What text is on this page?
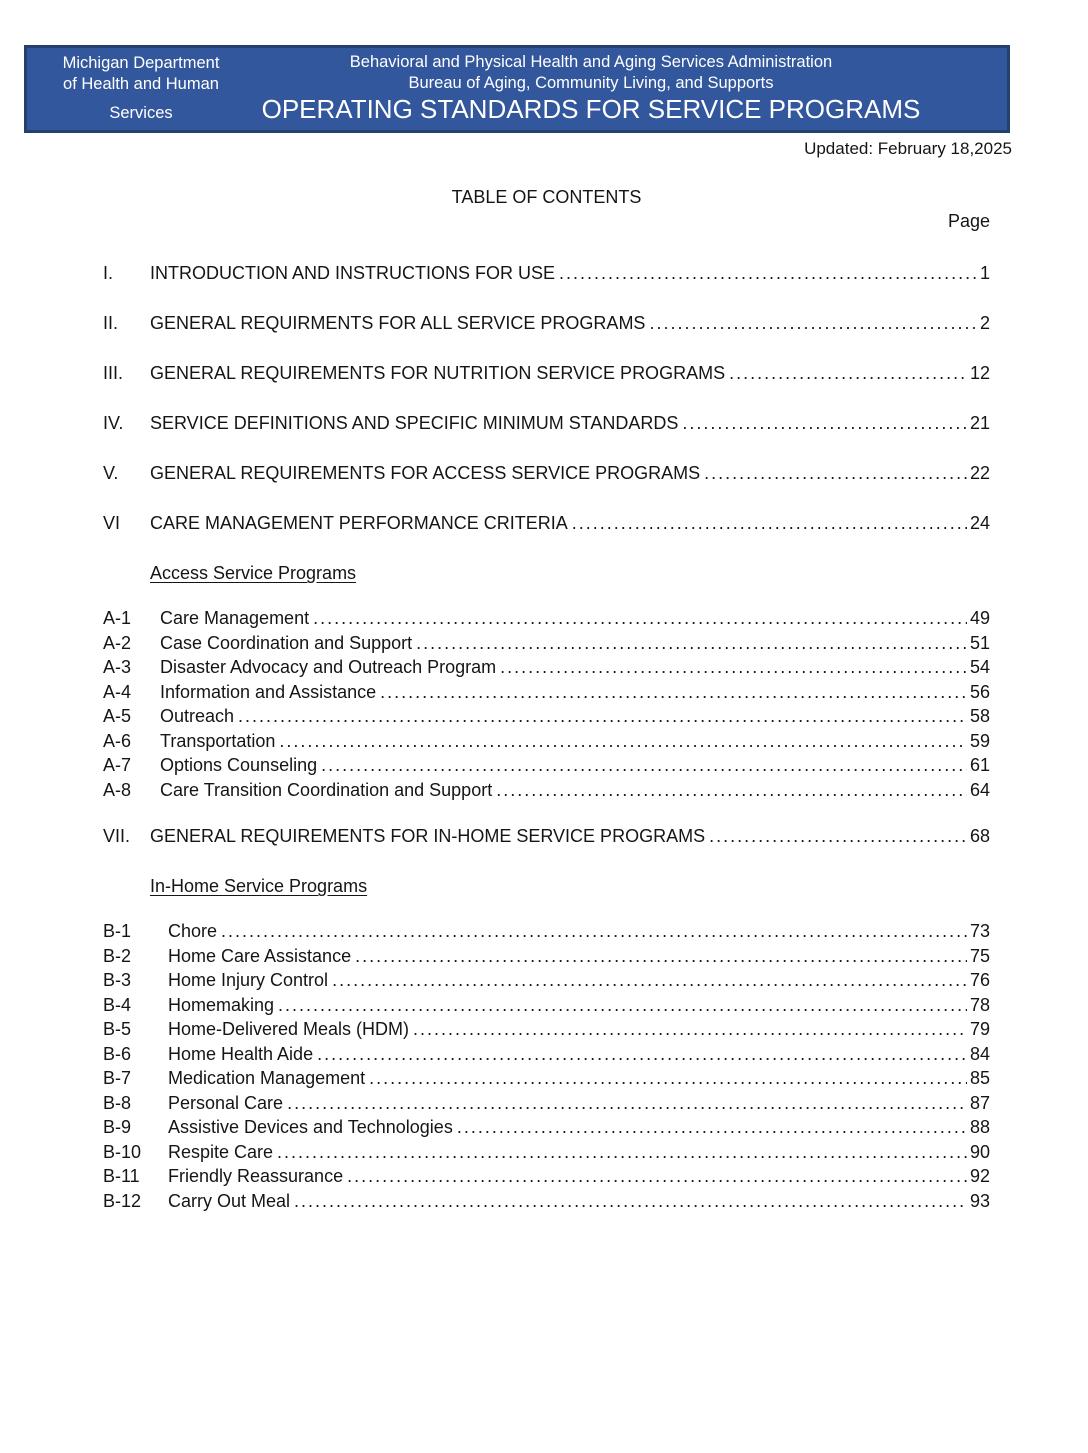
Michigan Department
of Health and Human
Services
Behavioral and Physical Health and Aging Services Administration
Bureau of Aging, Community Living, and Supports
OPERATING STANDARDS FOR SERVICE PROGRAMS
Updated: February 18,2025
TABLE OF CONTENTS
Page
I.	INTRODUCTION AND INSTRUCTIONS FOR USE .....	1
II.	GENERAL REQUIRMENTS FOR ALL SERVICE PROGRAMS .....	2
III.	GENERAL REQUIREMENTS FOR NUTRITION SERVICE PROGRAMS .....	12
IV.	SERVICE DEFINITIONS AND SPECIFIC MINIMUM STANDARDS .....	21
V.	GENERAL REQUIREMENTS FOR ACCESS SERVICE PROGRAMS .....	22
VI	CARE MANAGEMENT PERFORMANCE CRITERIA .....	24
Access Service Programs
A-1	Care Management .....	49
A-2	Case Coordination and Support .....	51
A-3	Disaster Advocacy and Outreach Program .....	54
A-4	Information and Assistance .....	56
A-5	Outreach .....	58
A-6	Transportation .....	59
A-7	Options Counseling .....	61
A-8	Care Transition Coordination and Support .....	64
VII.	GENERAL REQUIREMENTS FOR IN-HOME SERVICE PROGRAMS .....	68
In-Home Service Programs
B-1	Chore .....	73
B-2	Home Care Assistance .....	75
B-3	Home Injury Control .....	76
B-4	Homemaking .....	78
B-5	Home-Delivered Meals (HDM) .....	79
B-6	Home Health Aide .....	84
B-7	Medication Management .....	85
B-8	Personal Care .....	87
B-9	Assistive Devices and Technologies .....	88
B-10	Respite Care .....	90
B-11	Friendly Reassurance .....	92
B-12	Carry Out Meal .....	93
